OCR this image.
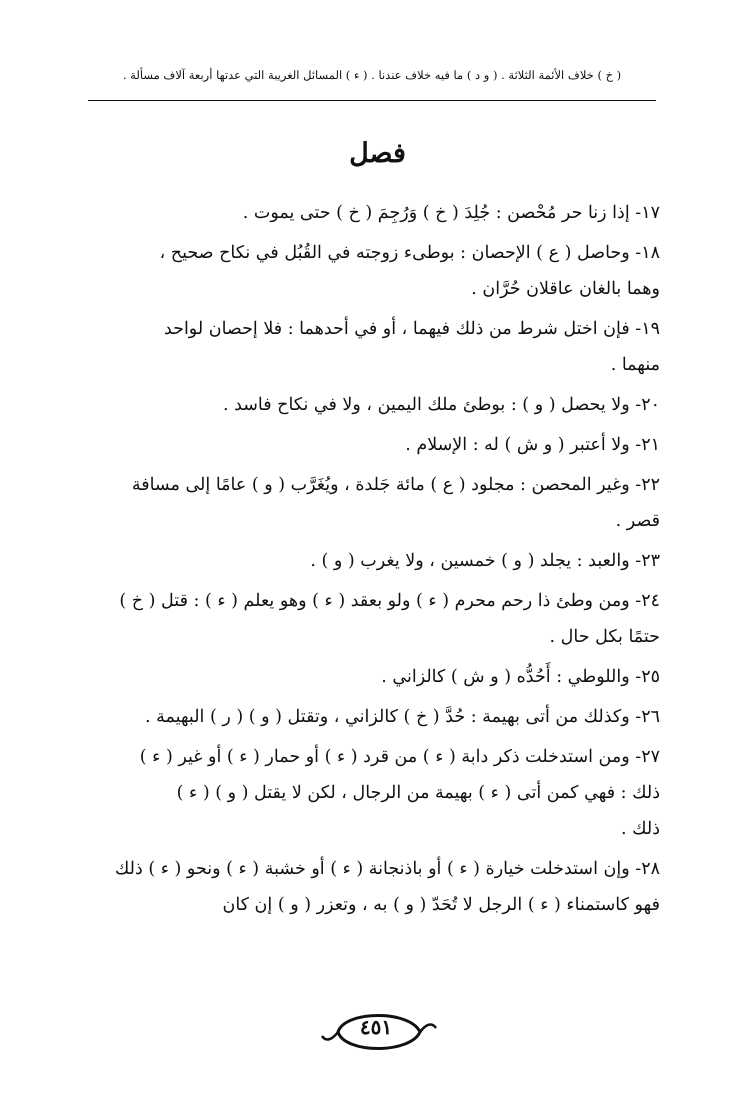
( خ ) خلاف الأئمة الثلاثة . ( و د ) ما فيه خلاف عندنا . ( ء ) المسائل الغريبة التي عدتها أربعة آلاف مسألة .
فصل
١٧- إذا زنا حر مُحْصن : جُلِدَ ( خ ) وَرُجِمَ ( خ ) حتى يموت .
١٨- وحاصل ( ع ) الإحصان : بوطىء زوجته في القُبُل في نكاح صحيح ،
وهما بالغان عاقلان حُرَّان .
١٩- فإن اختل شرط من ذلك فيهما ، أو في أحدهما : فلا إحصان لواحد
منهما .
٢٠- ولا يحصل ( و ) : بوطئ ملك اليمين ، ولا في نكاح فاسد .
٢١- ولا أعتبر ( و ش ) له : الإسلام .
٢٢- وغير المحصن : مجلود ( ع ) مائة جَلدة ، ويُغَرَّب ( و ) عامًا إلى مسافة
قصر .
٢٣- والعبد : يجلد ( و ) خمسين ، ولا يغرب ( و ) .
٢٤- ومن وطئ ذا رحم محرم ( ء ) ولو بعقد ( ء ) وهو يعلم ( ء ) : قتل ( خ )
حتمًا بكل حال .
٢٥- واللوطي : أَحُدُّه ( و ش ) كالزاني .
٢٦- وكذلك من أتى بهيمة : حُدَّ ( خ ) كالزاني ، وتقتل ( و ) ( ر ) البهيمة .
٢٧- ومن استدخلت ذكر دابة ( ء ) من قرد ( ء ) أو حمار ( ء ) أو غير ( ء )
ذلك : فهي كمن أتى ( ء ) بهيمة من الرجال ، لكن لا يقتل ( و ) ( ء )
ذلك .
٢٨- وإن استدخلت خيارة ( ء ) أو باذنجانة ( ء ) أو خشبة ( ء ) ونحو ( ء ) ذلك
فهو كاستمناء ( ء ) الرجل لا تُحَدّ ( و ) به ، وتعزر ( و ) إن كان
٤٥١
